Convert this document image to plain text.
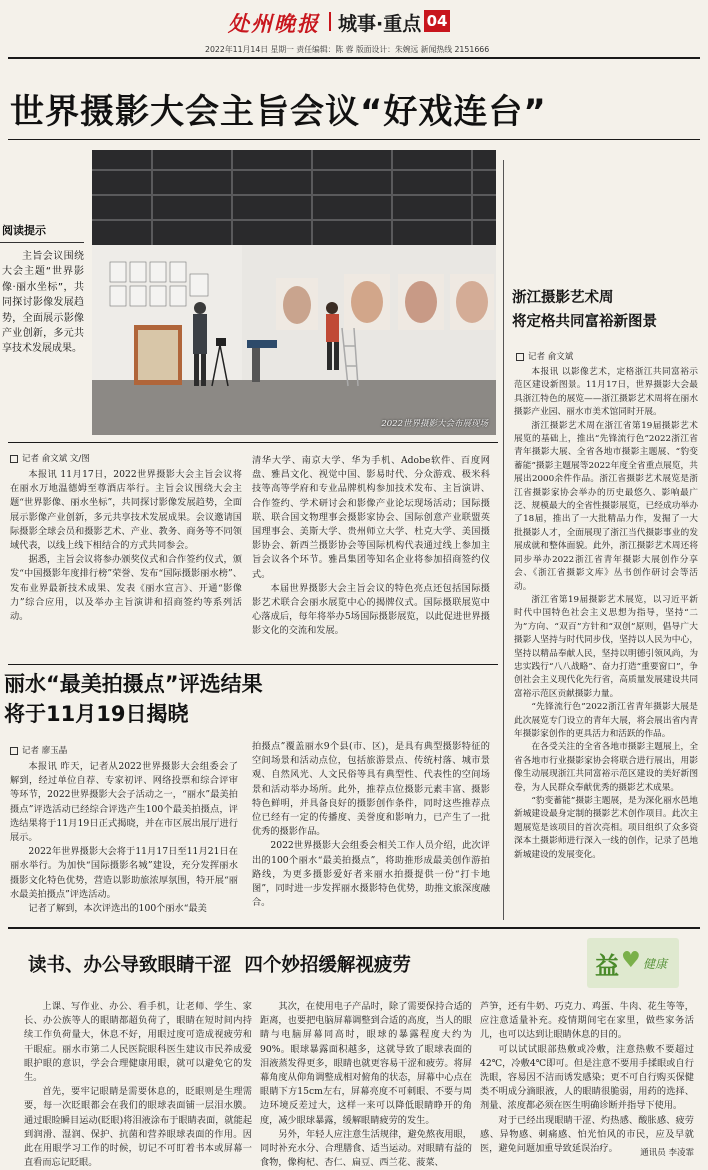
处州晚报 城事·重点 04
2022年11月14日 星期一 责任编辑：陈 蓉 版面设计：朱婉远 新闻热线 2151666
世界摄影大会主旨会议“好戏连台”
阅读提示
主旨会议围绕大会主题“世界影像·丽水坐标”，共同探讨影像发展趋势，全面展示影像产业创新，多元共享技术发展成果。
2022世界摄影大会布展现场
记者 俞文斌 文/图

本报讯 11月17日，2022世界摄影大会主旨会议将在丽水万地温德姆至尊酒店举行。主旨会议围绕大会主题“世界影像、丽水坐标”，共同探讨影像发展趋势，全面展示影像产业创新，多元共享技术发展成果。会议邀请国际摄影全球会员和摄影艺术、产业、教务、商务等不同领域代表，以线上线下相结合的方式共同参会。

据悉，主旨会议将参办颁奖仪式和合作签约仪式，颁发“中国摄影年度排行榜”荣誉、发布“国际摄影丽水榜”、发布业界最新技术成果、发表《丽水宣言》、开通“影像力”综合应用，以及举办主旨演讲和招商签约等系列活动。

清华大学、南京大学、华为手机、Adobe软件、百度网盘、雅昌文化、视觉中国、影易时代、分众游戏、极米科技等高等学府和专业品牌机构参加技术发布、主旨演讲、合作签约、学术研讨会和影像产业论坛现场活动；国际摄联、联合国文物理事会摄影家协会、国际创意产业联盟英国理事会、美斯大学、贵州师立大学、杜克大学、美国摄影协会、新西兰摄影协会等国际机构代表通过线上参加主旨会议各个环节。雅昌集团等知名企业将参加招商签约仪式。

本届世界摄影大会主旨会议的特色亮点还包括国际摄影艺术联合会丽水展览中心的揭牌仪式。国际摄联展览中心落成后，每年将举办5场国际摄影展览，以此促进世界摄影文化的交流和发展。

丽水“最美拍摄点”评选结果
将于11月19日揭晓
记者 廖玉晶

本报讯 昨天，记者从2022世界摄影大会组委会了解到，经过单位自荐、专家初评、网络投票和综合评审等环节，2022世界摄影大会子活动之一，“丽水”最美拍摄点”评选活动已经综合评选产生100个最美拍摄点，评选结果将于11月19日正式揭晓，并在市区展出展厅进行展示。

2022年世界摄影大会将于11月17日至11月21日在丽水举行。为加快“国际摄影名城”建设，充分发挥丽水摄影文化特色优势，营造以影助旅浓厚氛围，特开展“丽水最美拍摄点”评选活动。

记者了解到，本次评选出的100个丽水“最美

拍摄点”覆盖丽水9个县(市、区)，是具有典型摄影特征的空间场景和活动点位，包括旅游景点、传统村落、城市景观、自然风光、人文民俗等具有典型性、代表性的空间场景和活动举办场所。此外，推荐点位摄影元素丰富、摄影特色鲜明，并具备良好的摄影创作条件，同时这些推荐点位已经有一定的传播度、美誉度和影响力，已产生了一批优秀的摄影作品。

2022世界摄影大会组委会相关工作人员介绍，此次评出的100个丽水“最美拍摄点”，将助推形成最美创作游拍路线，为更多摄影爱好者来丽水拍摄提供一份“打卡地图”，同时进一步发挥丽水摄影特色优势，助推文旅深度融合。

浙江摄影艺术周
将定格共同富裕新图景
记者 俞文斌

本报讯 以影像艺术，定格浙江共同富裕示范区建设新图景。11月17日，世界摄影大会最具浙江特色的展览——浙江摄影艺术周将在丽水摄影产业园、丽水市美术馆同时开展。

浙江摄影艺术周在浙江省第19届摄影艺术展览的基础上，推出“先锋流行色”2022浙江省青年摄影大展、全省各地市摄影主题展、“豹变蓄能”摄影主题展等2022年度全省重点展览，共展出2000余件作品。浙江省摄影艺术展览是浙江省摄影家协会举办的历史最悠久、影响最广泛、规模最大的全省性摄影展览，已经成功举办了18届，推出了一大批精品力作，发掘了一大批摄影人才，全面展现了浙江当代摄影事业的发展成就和整体面貌。此外，浙江摄影艺术周还将同步举办2022浙江省青年摄影大展创作分享会、《浙江省摄影文库》丛书创作研讨会等活动。

浙江省第19届摄影艺术展览，以习近平新时代中国特色社会主义思想为指导，坚持“二为”方向、“双百”方针和“双创”原则，倡导广大摄影人坚持与时代同步伐，坚持以人民为中心，坚持以精品奉献人民，坚持以明德引领风尚，为忠实践行“八八战略”、奋力打造“重要窗口”，争创社会主义现代化先行省，高质量发展建设共同富裕示范区贡献摄影力量。

“先锋流行色”2022浙江省青年摄影大展是此次展览专门设立的青年大展，将会展出省内青年摄影家创作的更具活力和活跃的作品。

在各受关注的全省各地市摄影主题展上，全省各地市行业摄影家协会将联合进行展出，用影像生动展现浙江共同富裕示范区建设的美好新图卷，为人民群众奉献优秀的摄影艺术成果。

“豹变蓄能”摄影主题展，是为深化丽水邑地新城建设最身定制的摄影艺术创作项目。此次主题展览是该项目的首次亮相。项目组织了众多资深本土摄影师进行深入一线的创作，记录了邑地新城建设的发展变化。

读书、办公导致眼睛干涩  四个妙招缓解视疲劳	益 ♥ 健康

上课、写作业、办公、看手机，让老师、学生、家长、办公族等人的眼睛都超负荷了，眼睛在短时间内持续工作负荷量大，休息不好，用眼过度可造成视疲劳和干眼症。丽水市第二人民医院眼科医生建议市民养成爱眼护眼的意识，学会合理健康用眼，就可以避免它的发生。

首先，要牢记眼睛是需要休息的，眨眼则是生理需要，每一次眨眼都会在我们的眼球表面铺一层泪水膜。通过眼睑瞬目运动(眨眼)将泪液涂布于眼睛表面，就能起到润滑、湿润、保护、抗菌和营养眼球表面的作用。因此在用眼学习工作的时候，切记不可盯着书本或屏幕一直看而忘记眨眼。

其次，在使用电子产品时，除了需要保持合适的距离，也要把电脑屏幕调整到合适的高度，当人的眼睛与电脑屏幕同高时，眼球的暴露程度大约为90%。眼球暴露面积越多，这就导致了眼球表面的泪液蒸发得更多，眼睛也就更容易干涩和疲劳。将屏幕角度从仰角调整成相对俯角的状态，屏幕中心点在眼睛下方15cm左右，屏幕亮度不可刺眼、不要与周边环境反差过大，这样一来可以降低眼睛睁开的角度，减少眼球暴露，缓解眼睛疲劳的发生。

另外，年轻人应注意生活规律，避免熬夜用眼，同时补充水分、合理膳食、适当运动。对眼睛有益的食物，像枸杞、杏仁、扁豆、西兰花、菠菜、

芦笋，还有牛奶、巧克力、鸡蛋、牛肉、花生等等，应注意适量补充。疫情期间宅在家里，做些家务活儿，也可以达到让眼睛休息的目的。

可以试试眼部热敷或冷敷，注意热敷不要超过42℃，冷敷4℃即可。但是注意不要用手揉眼或自行洗眼，容易因不洁而诱发感染；更不可自行购买保健类不明成分滴眼液，人的眼睛很脆弱，用药的选择、剂量、浓度都必须在医生明确诊断并指导下使用。

对于已经出现眼睛干涩、灼热感、酸胀感、疲劳感、异物感、刺痛感、怕光怕风的市民，应及早就医，避免问题加重导致延误治疗。	通讯员 李凌霏
